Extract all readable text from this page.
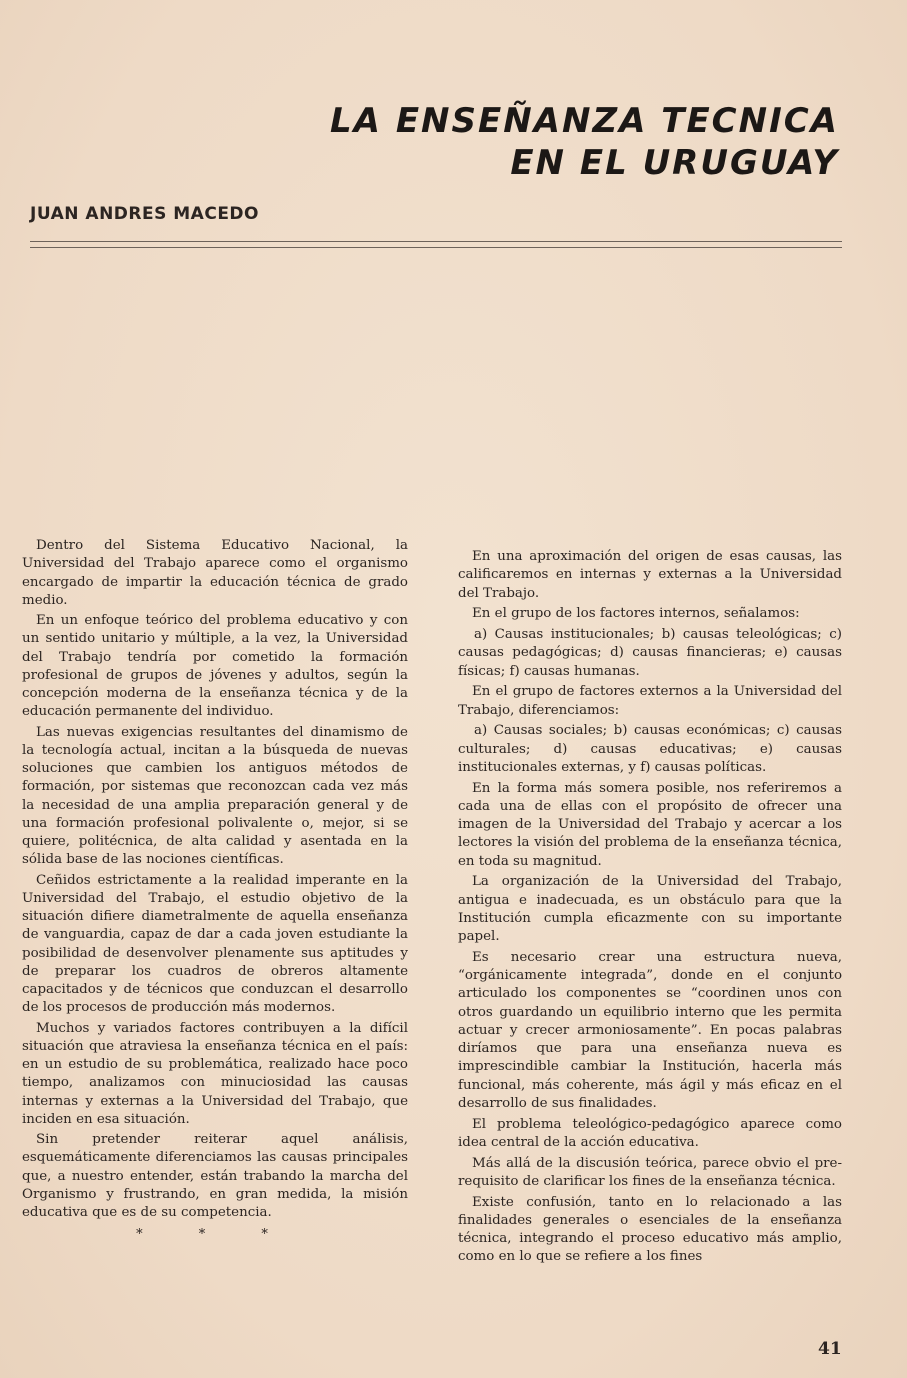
LA ENSEÑANZA TECNICA
EN EL URUGUAY
JUAN ANDRES MACEDO

Dentro del Sistema Educativo Nacional, la Universidad del Trabajo aparece como el organismo encargado de impartir la educación técnica de grado medio.

En un enfoque teórico del problema educativo y con un sentido unitario y múltiple, a la vez, la Universidad del Trabajo tendría por cometido la formación profesional de grupos de jóvenes y adultos, según la concepción moderna de la enseñanza técnica y de la educación permanente del individuo.

Las nuevas exigencias resultantes del dinamismo de la tecnología actual, incitan a la búsqueda de nuevas soluciones que cambien los antiguos métodos de formación, por sistemas que reconozcan cada vez más la necesidad de una amplia preparación general y de una formación profesional polivalente o, mejor, si se quiere, politécnica, de alta calidad y asentada en la sólida base de las nociones científicas.

Ceñidos estrictamente a la realidad imperante en la Universidad del Trabajo, el estudio objetivo de la situación difiere diametralmente de aquella enseñanza de vanguardia, capaz de dar a cada joven estudiante la posibilidad de desenvolver plenamente sus aptitudes y de preparar los cuadros de obreros altamente capacitados y de técnicos que conduzcan el desarrollo de los procesos de producción más modernos.

Muchos y variados factores contribuyen a la difícil situación que atraviesa la enseñanza técnica en el país: en un estudio de su problemática, realizado hace poco tiempo, analizamos con minuciosidad las causas internas y externas a la Universidad del Trabajo, que inciden en esa situación.

Sin pretender reiterar aquel análisis, esquemáticamente diferenciamos las causas principales que, a nuestro entender, están trabando la marcha del Organismo y frustrando, en gran medida, la misión educativa que es de su competencia.

* * *

En una aproximación del origen de esas causas, las calificaremos en internas y externas a la Universidad del Trabajo.

En el grupo de los factores internos, señalamos:

a) Causas institucionales; b) causas teleológicas; c) causas pedagógicas; d) causas financieras; e) causas físicas; f) causas humanas.

En el grupo de factores externos a la Universidad del Trabajo, diferenciamos:

a) Causas sociales; b) causas económicas; c) causas culturales; d) causas educativas; e) causas institucionales externas, y f) causas políticas.

En la forma más somera posible, nos referiremos a cada una de ellas con el propósito de ofrecer una imagen de la Universidad del Trabajo y acercar a los lectores la visión del problema de la enseñanza técnica, en toda su magnitud.

La organización de la Universidad del Trabajo, antigua e inadecuada, es un obstáculo para que la Institución cumpla eficazmente con su importante papel.

Es necesario crear una estructura nueva, “orgánicamente integrada”, donde en el conjunto articulado los componentes se “coordinen unos con otros guardando un equilibrio interno que les permita actuar y crecer armoniosamente”. En pocas palabras diríamos que para una enseñanza nueva es imprescindible cambiar la Institución, hacerla más funcional, más coherente, más ágil y más eficaz en el desarrollo de sus finalidades.

El problema teleológico-pedagógico aparece como idea central de la acción educativa.

Más allá de la discusión teórica, parece obvio el pre-requisito de clarificar los fines de la enseñanza técnica.

Existe confusión, tanto en lo relacionado a las finalidades generales o esenciales de la enseñanza técnica, integrando el proceso educativo más amplio, como en lo que se refiere a los fines

41
